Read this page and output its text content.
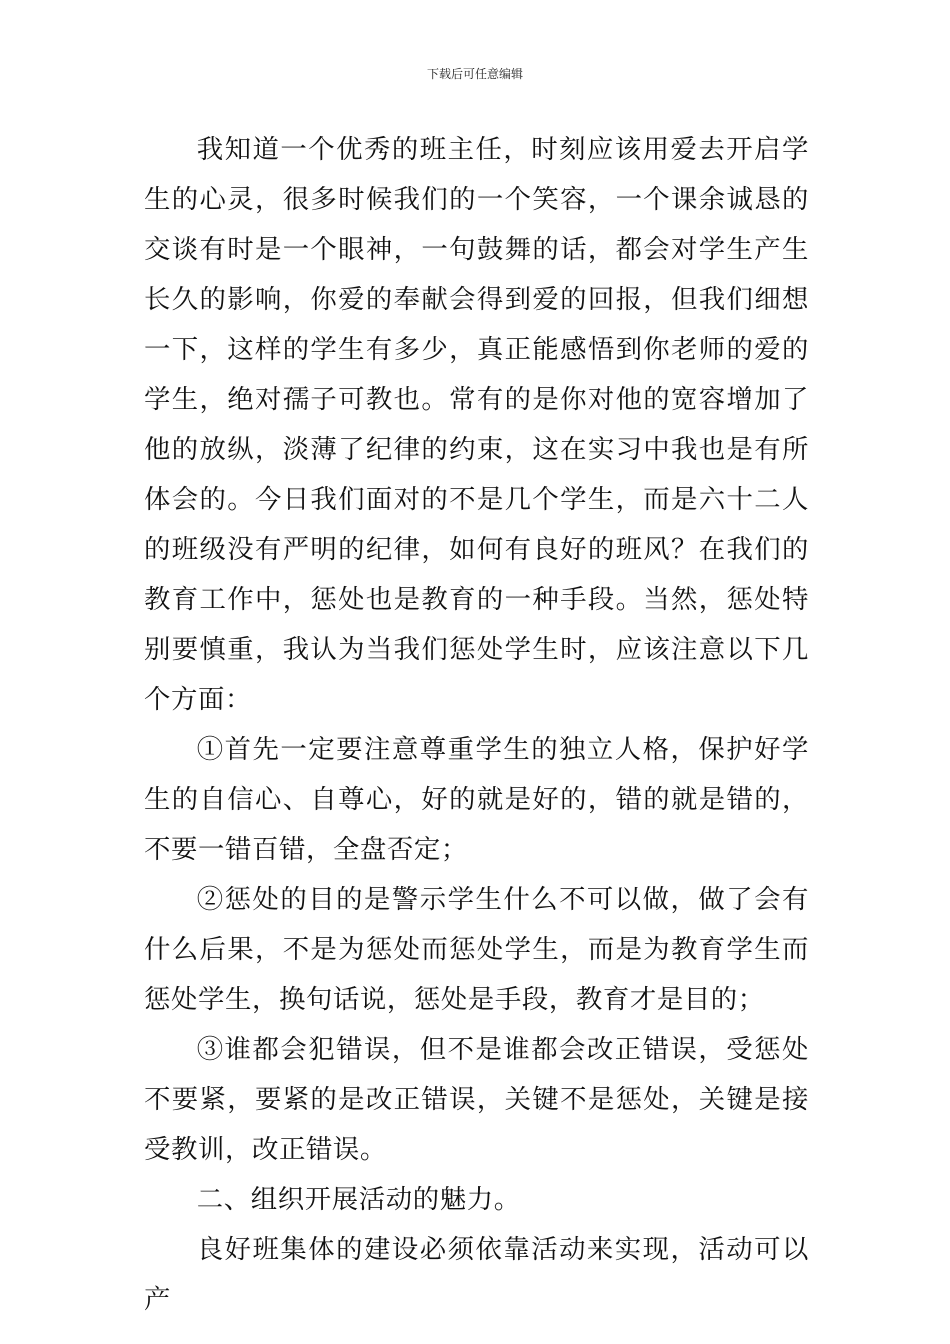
下载后可任意编辑

我知道一个优秀的班主任，时刻应该用爱去开启学生的心灵，很多时候我们的一个笑容，一个课余诚恳的交谈有时是一个眼神，一句鼓舞的话，都会对学生产生长久的影响，你爱的奉献会得到爱的回报，但我们细想一下，这样的学生有多少，真正能感悟到你老师的爱的学生，绝对孺子可教也。常有的是你对他的宽容增加了他的放纵，淡薄了纪律的约束，这在实习中我也是有所体会的。今日我们面对的不是几个学生，而是六十二人的班级没有严明的纪律，如何有良好的班风？在我们的教育工作中，惩处也是教育的一种手段。当然，惩处特别要慎重，我认为当我们惩处学生时，应该注意以下几个方面：

①首先一定要注意尊重学生的独立人格，保护好学生的自信心、自尊心，好的就是好的，错的就是错的，不要一错百错，全盘否定；

②惩处的目的是警示学生什么不可以做，做了会有什么后果，不是为惩处而惩处学生，而是为教育学生而惩处学生，换句话说，惩处是手段，教育才是目的；

③谁都会犯错误，但不是谁都会改正错误，受惩处不要紧，要紧的是改正错误，关键不是惩处，关键是接受教训，改正错误。

二、组织开展活动的魅力。

良好班集体的建设必须依靠活动来实现，活动可以产
